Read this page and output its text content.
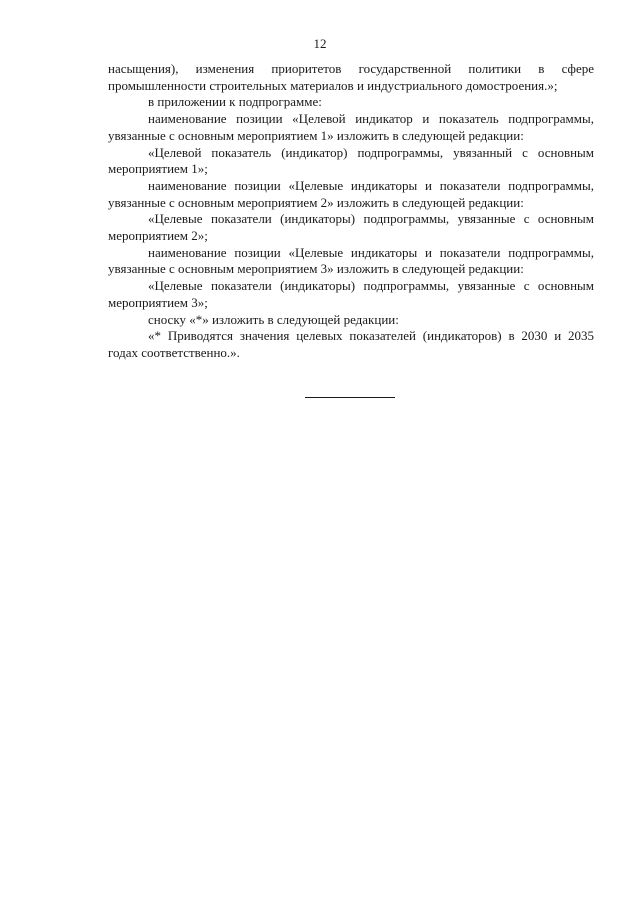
12

насыщения), изменения приоритетов государственной политики в сфере промышленности строительных материалов и индустриального домостроения.»;

в приложении к подпрограмме:

наименование позиции «Целевой индикатор и показатель подпрограммы, увязанные с основным мероприятием 1» изложить в следующей редакции:

«Целевой показатель (индикатор) подпрограммы, увязанный с основным мероприятием 1»;

наименование позиции «Целевые индикаторы и показатели подпрограммы, увязанные с основным мероприятием 2» изложить в следующей редакции:

«Целевые показатели (индикаторы) подпрограммы, увязанные с основным мероприятием 2»;

наименование позиции «Целевые индикаторы и показатели подпрограммы, увязанные с основным мероприятием 3» изложить в следующей редакции:

«Целевые показатели (индикаторы) подпрограммы, увязанные с основным мероприятием 3»;

сноску «*» изложить в следующей редакции:

«* Приводятся значения целевых показателей (индикаторов) в 2030 и 2035 годах соответственно.».
